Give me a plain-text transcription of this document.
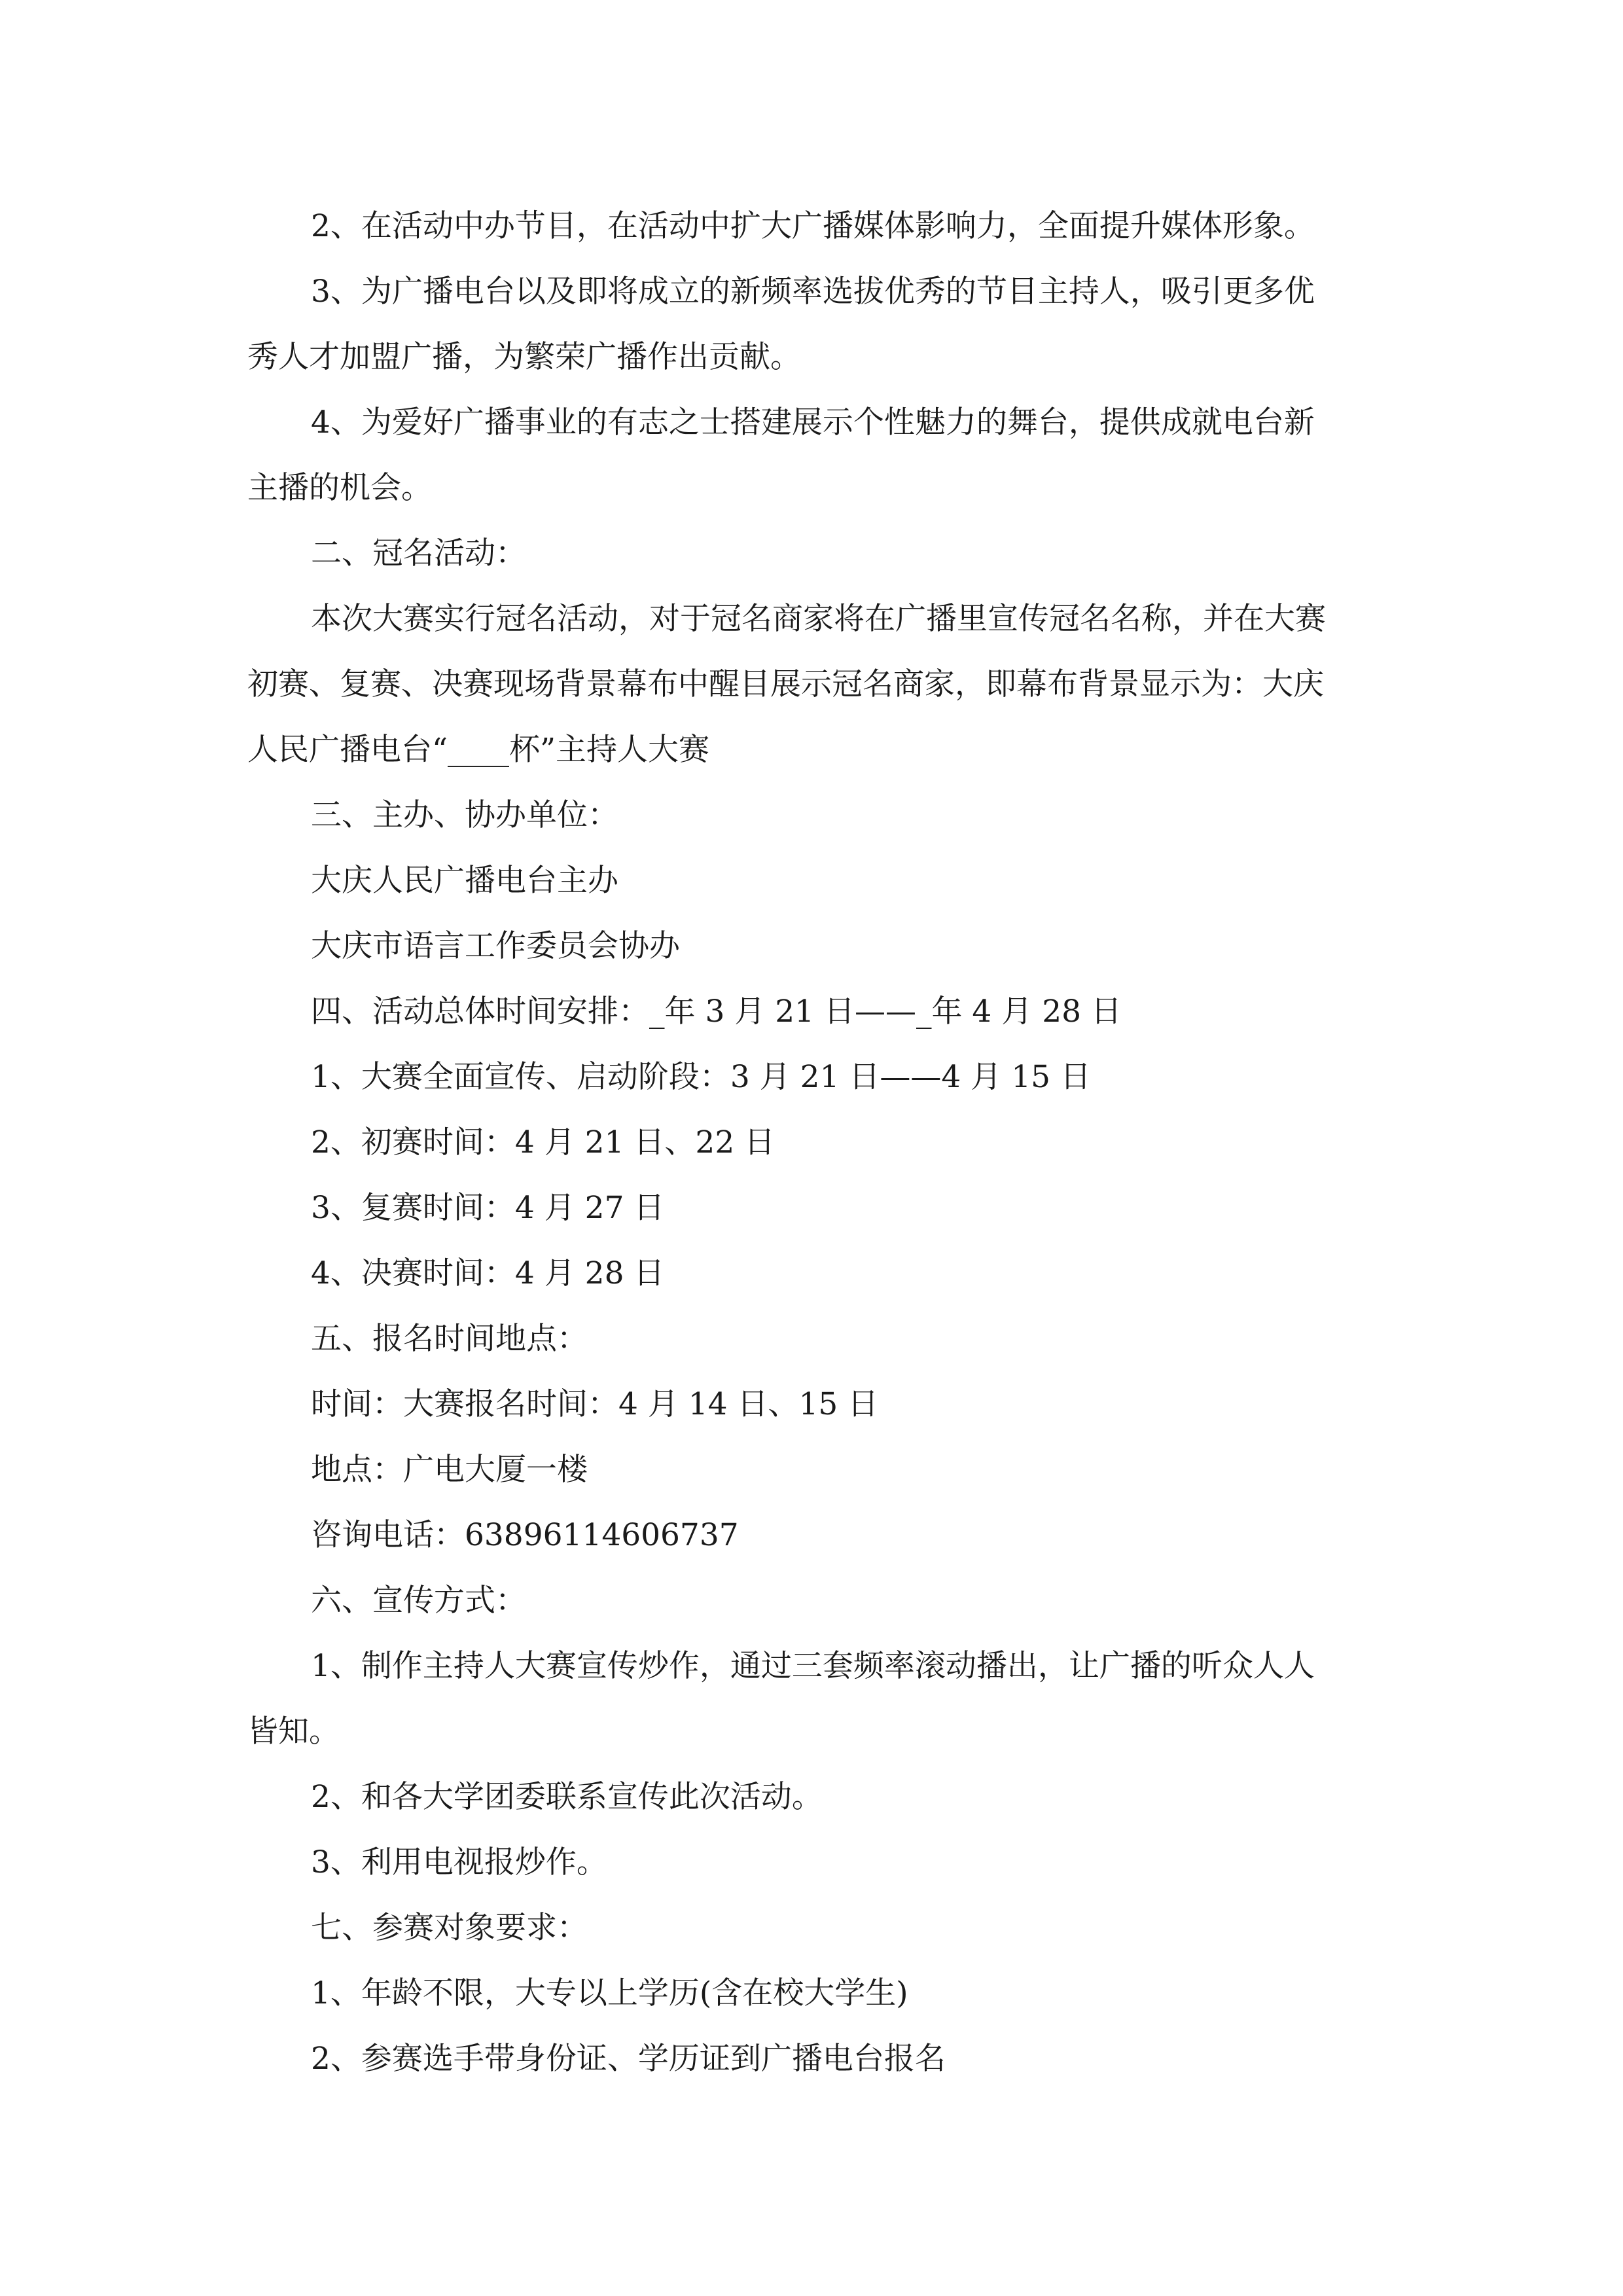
2、在活动中办节目，在活动中扩大广播媒体影响力，全面提升媒体形象。

3、为广播电台以及即将成立的新频率选拔优秀的节目主持人，吸引更多优
秀人才加盟广播，为繁荣广播作出贡献。

4、为爱好广播事业的有志之士搭建展示个性魅力的舞台，提供成就电台新
主播的机会。

二、冠名活动：

本次大赛实行冠名活动，对于冠名商家将在广播里宣传冠名名称，并在大赛
初赛、复赛、决赛现场背景幕布中醒目展示冠名商家，即幕布背景显示为：大庆
人民广播电台“____杯”主持人大赛

三、主办、协办单位：

大庆人民广播电台主办

大庆市语言工作委员会协办

四、活动总体时间安排：_年 3 月 21 日——_年 4 月 28 日

1、大赛全面宣传、启动阶段：3 月 21 日——4 月 15 日

2、初赛时间：4 月 21 日、22 日

3、复赛时间：4 月 27 日

4、决赛时间：4 月 28 日

五、报名时间地点：

时间：大赛报名时间：4 月 14 日、15 日

地点：广电大厦一楼

咨询电话：63896114606737

六、宣传方式：

1、制作主持人大赛宣传炒作，通过三套频率滚动播出，让广播的听众人人
皆知。

2、和各大学团委联系宣传此次活动。

3、利用电视报炒作。

七、参赛对象要求：

1、年龄不限，大专以上学历(含在校大学生)

2、参赛选手带身份证、学历证到广播电台报名
